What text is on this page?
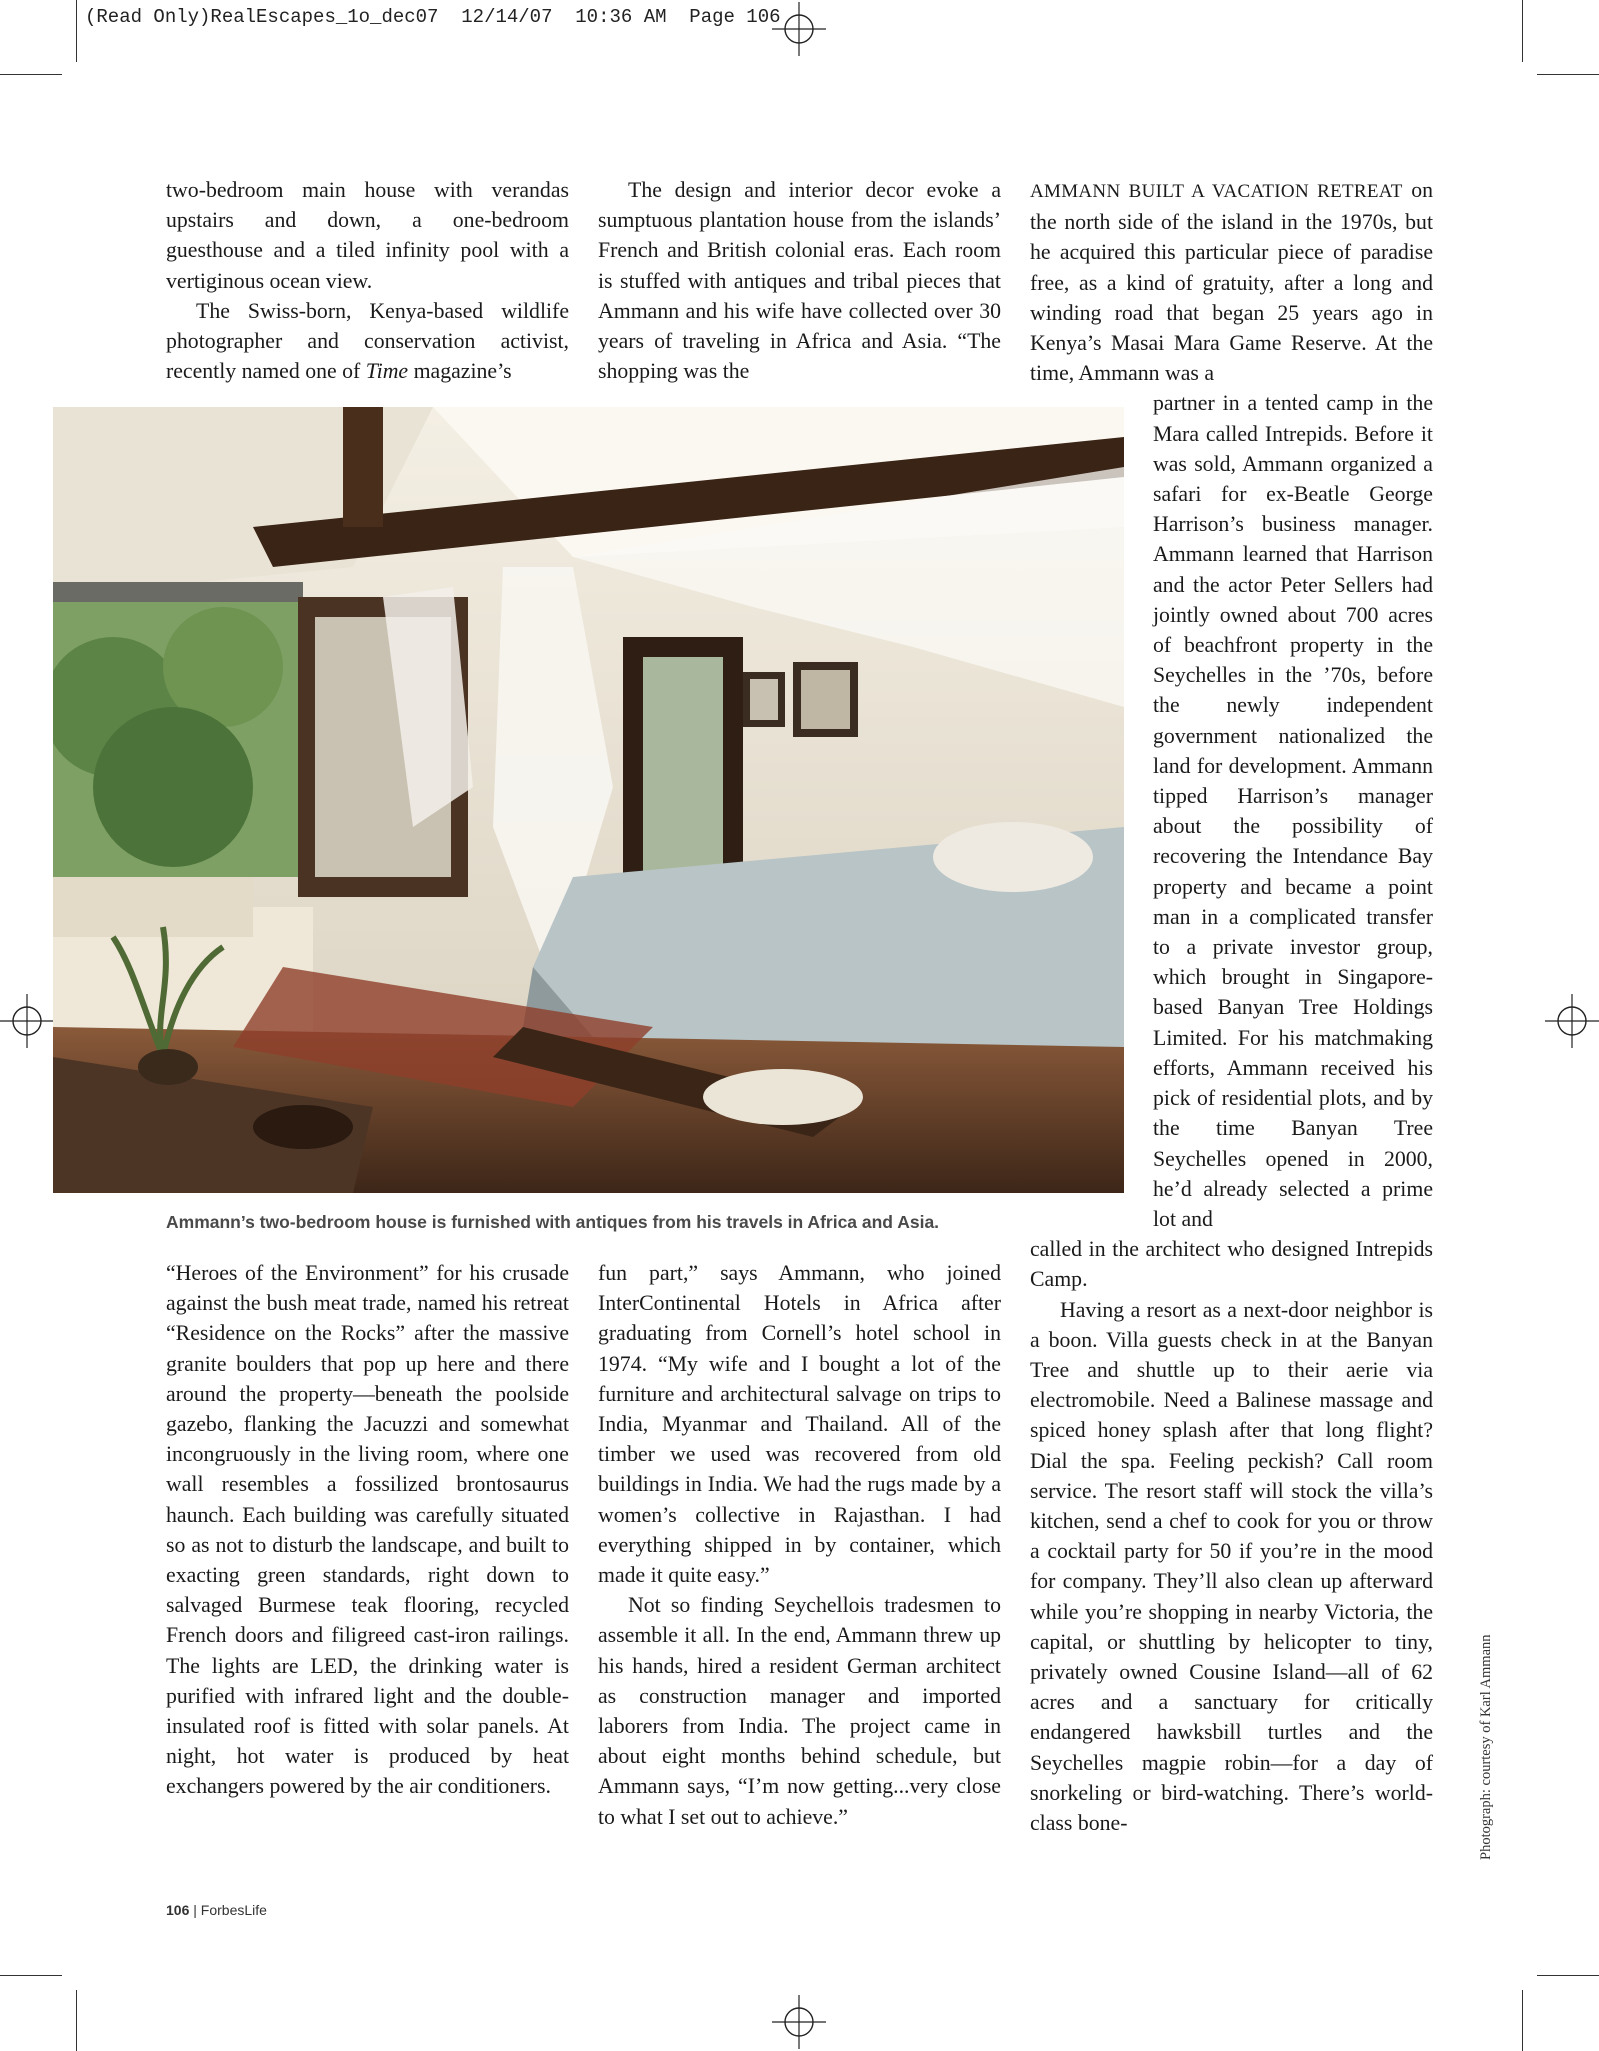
(Read Only)RealEscapes_1o_dec07  12/14/07  10:36 AM  Page 106

two-bedroom main house with verandas upstairs and down, a one-bedroom guesthouse and a tiled infinity pool with a vertiginous ocean view.

The Swiss-born, Kenya-based wildlife photographer and conservation activist, recently named one of Time magazine’s

The design and interior decor evoke a sumptuous plantation house from the islands’ French and British colonial eras. Each room is stuffed with antiques and tribal pieces that Ammann and his wife have collected over 30 years of traveling in Africa and Asia. “The shopping was the

AMMANN BUILT A VACATION RETREAT on the north side of the island in the 1970s, but he acquired this particular piece of paradise free, as a kind of gratuity, after a long and winding road that began 25 years ago in Kenya’s Masai Mara Game Reserve. At the time, Ammann was a

partner in a tented camp in the Mara called Intrepids. Before it was sold, Ammann organized a safari for ex-Beatle George Harrison’s business manager. Ammann learned that Harrison and the actor Peter Sellers had jointly owned about 700 acres of beachfront property in the Seychelles in the ’70s, before the newly independent government nationalized the land for development. Ammann tipped Harrison’s manager about the possibility of recovering the Intendance Bay property and became a point man in a complicated transfer to a private investor group, which brought in Singapore-based Banyan Tree Holdings Limited. For his matchmaking efforts, Ammann received his pick of residential plots, and by the time Banyan Tree Seychelles opened in 2000, he’d already selected a prime lot and

called in the architect who designed Intrepids Camp.

Having a resort as a next-door neighbor is a boon. Villa guests check in at the Banyan Tree and shuttle up to their aerie via electromobile. Need a Balinese massage and spiced honey splash after that long flight? Dial the spa. Feeling peckish? Call room service. The resort staff will stock the villa’s kitchen, send a chef to cook for you or throw a cocktail party for 50 if you’re in the mood for company. They’ll also clean up afterward while you’re shopping in nearby Victoria, the capital, or shuttling by helicopter to tiny, privately owned Cousine Island—all of 62 acres and a sanctuary for critically endangered hawksbill turtles and the Seychelles magpie robin—for a day of snorkeling or bird-watching. There’s world-class bone-

Ammann’s two-bedroom house is furnished with antiques from his travels in Africa and Asia.

“Heroes of the Environment” for his crusade against the bush meat trade, named his retreat “Residence on the Rocks” after the massive granite boulders that pop up here and there around the property—beneath the poolside gazebo, flanking the Jacuzzi and somewhat incongruously in the living room, where one wall resembles a fossilized brontosaurus haunch. Each building was carefully situated so as not to disturb the landscape, and built to exacting green standards, right down to salvaged Burmese teak flooring, recycled French doors and filigreed cast-iron railings. The lights are LED, the drinking water is purified with infrared light and the double-insulated roof is fitted with solar panels. At night, hot water is produced by heat exchangers powered by the air conditioners.

fun part,” says Ammann, who joined InterContinental Hotels in Africa after graduating from Cornell’s hotel school in 1974. “My wife and I bought a lot of the furniture and architectural salvage on trips to India, Myanmar and Thailand. All of the timber we used was recovered from old buildings in India. We had the rugs made by a women’s collective in Rajasthan. I had everything shipped in by container, which made it quite easy.”

Not so finding Seychellois tradesmen to assemble it all. In the end, Ammann threw up his hands, hired a resident German architect as construction manager and imported laborers from India. The project came in about eight months behind schedule, but Ammann says, “I’m now getting...very close to what I set out to achieve.”	Photograph: courtesy of Karl Ammann
106 | ForbesLife
